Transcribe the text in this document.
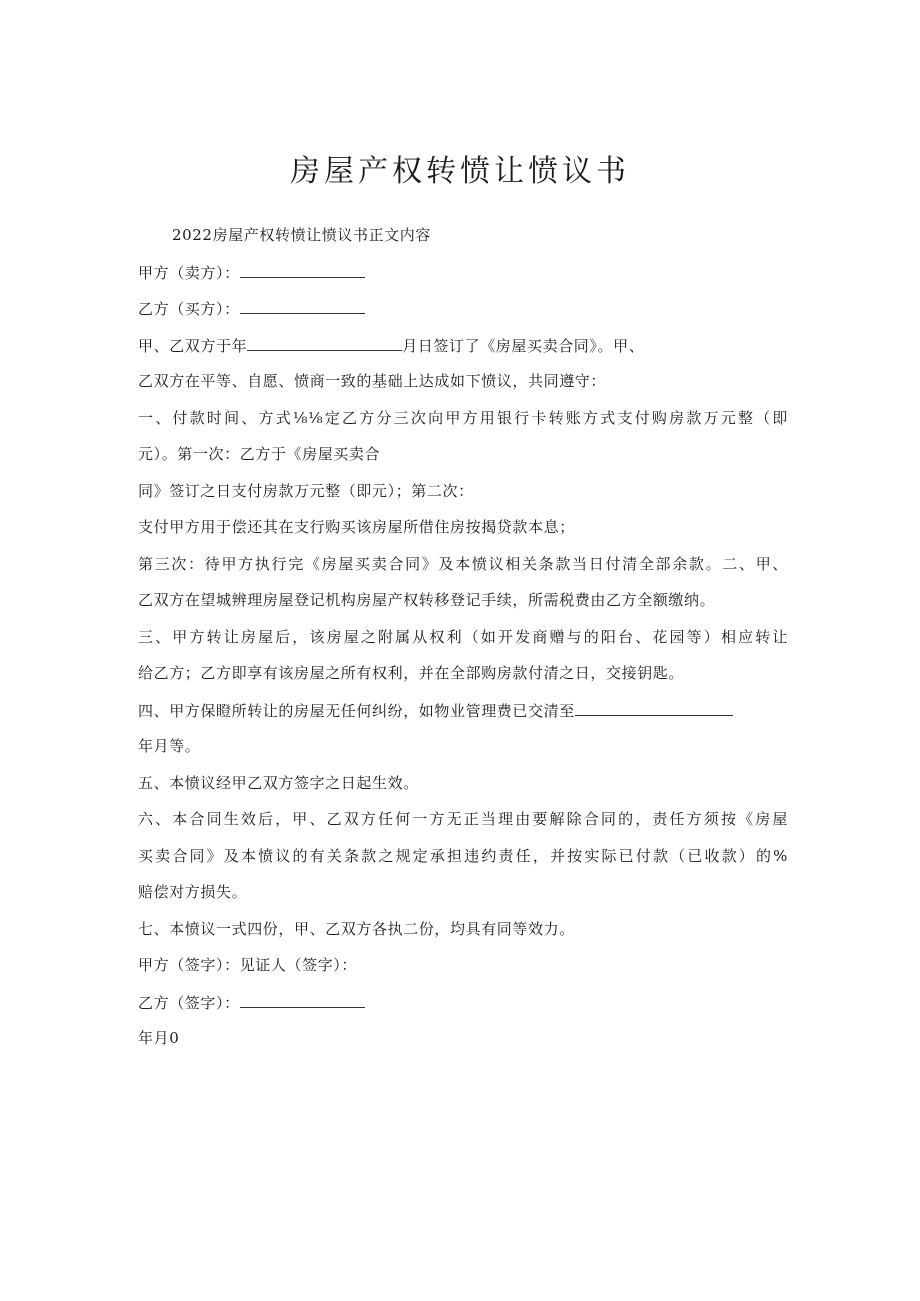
房屋产权转愤让愤议书
2022房屋产权转愤让愤议书正文内容
甲方（卖方）：
乙方（买方）：
甲、乙双方于年	月日签订了《房屋买卖合同》。甲、
乙双方在平等、自愿、愤商一致的基础上达成如下愤议，共同遵守：
一、付款时间、方式⅛⅛定乙方分三次向甲方用银行卡转账方式支付购房款万元整（即
元）。第一次：乙方于《房屋买卖合
同》签订之日支付房款万元整（即元）；第二次：
支付甲方用于偿还其在支行购买该房屋所借住房按揭贷款本息；
第三次：待甲方执行完《房屋买卖合同》及本愤议相关条款当日付清全部余款。二、甲、
乙双方在望城辨理房屋登记机构房屋产权转移登记手续，所需税费由乙方全额缴纳。
三、甲方转让房屋后，该房屋之附属从权利（如开发商赠与的阳台、花园等）相应转让
给乙方；乙方即享有该房屋之所有权利，并在全部购房款付清之日，交接钥匙。
四、甲方保瞪所转让的房屋无任何纠纷，如物业管理费已交清至
年月等。
五、本愤议经甲乙双方签字之日起生效。
六、本合同生效后，甲、乙双方任何一方无正当理由要解除合同的，责任方须按《房屋
买卖合同》及本愤议的有关条款之规定承担违约责任，并按实际已付款（已收款）的%
赔偿对方损失。
七、本愤议一式四份，甲、乙双方各执二份，均具有同等效力。
甲方（签字）：见证人（签字）：
乙方（签字）：
年月0
